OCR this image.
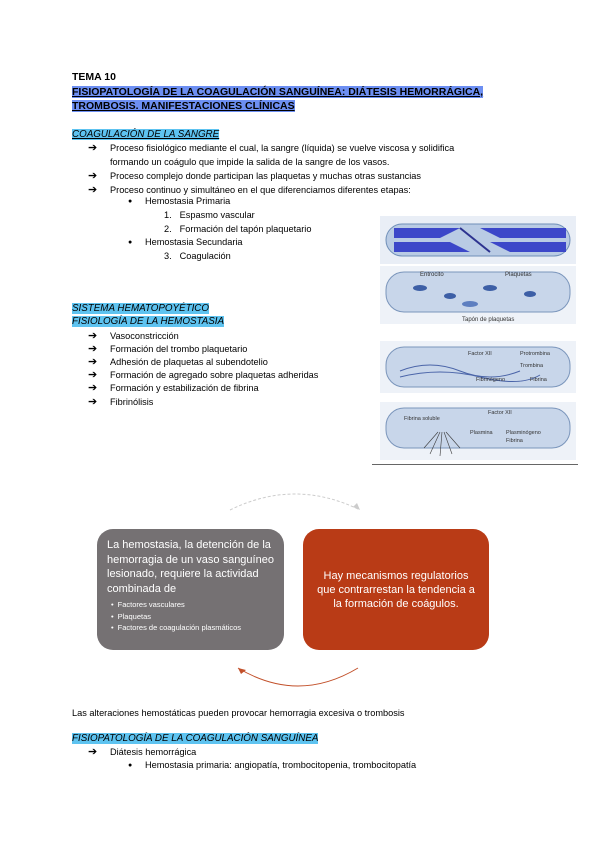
TEMA 10
FISIOPATOLOGÍA DE LA COAGULACIÓN SANGUÍNEA: DIÁTESIS HEMORRÁGICA,
TROMBOSIS. MANIFESTACIONES CLÍNICAS
COAGULACIÓN DE LA SANGRE
➔	Proceso fisiológico mediante el cual, la sangre (líquida) se vuelve viscosa y solidifica
formando un coágulo que impide la salida de la sangre de los vasos.
➔	Proceso complejo donde participan las plaquetas y muchas otras sustancias
➔	Proceso continuo y simultáneo en el que diferenciamos diferentes etapas:
● Hemostasia Primaria
1. Espasmo vascular
2. Formación del tapón plaquetario
● Hemostasia Secundaria
3. Coagulación
SISTEMA HEMATOPOYÉTICO
FISIOLOGÍA DE LA HEMOSTASIA
➔	Vasoconstricción
➔	Formación del trombo plaquetario
➔	Adhesión de plaquetas al subendotelio
➔	Formación de agregado sobre plaquetas adheridas
➔	Formación y estabilización de fibrina
➔	Fibrinólisis
Entrocito	Plaquetas
Tapón de plaquetas
Factor XII	Protrombina
Trombina
Fibrinógeno	Fibrina
Fibrina soluble
Factor XII
Plasmina Plasminógeno
Fibrina
La hemostasia, la detención de la hemorragia de un vaso sanguíneo lesionado, requiere la actividad combinada de
• Factores vasculares
• Plaquetas
• Factores de coagulación plasmáticos
Hay mecanismos regulatorios que contrarrestan la tendencia a la formación de coágulos.
Las alteraciones hemostáticas pueden provocar hemorragia excesiva o trombosis
FISIOPATOLOGÍA DE LA COAGULACIÓN SANGUÍNEA
➔	Diátesis hemorrágica
● Hemostasia primaria: angiopatía, trombocitopenia, trombocitopatía
